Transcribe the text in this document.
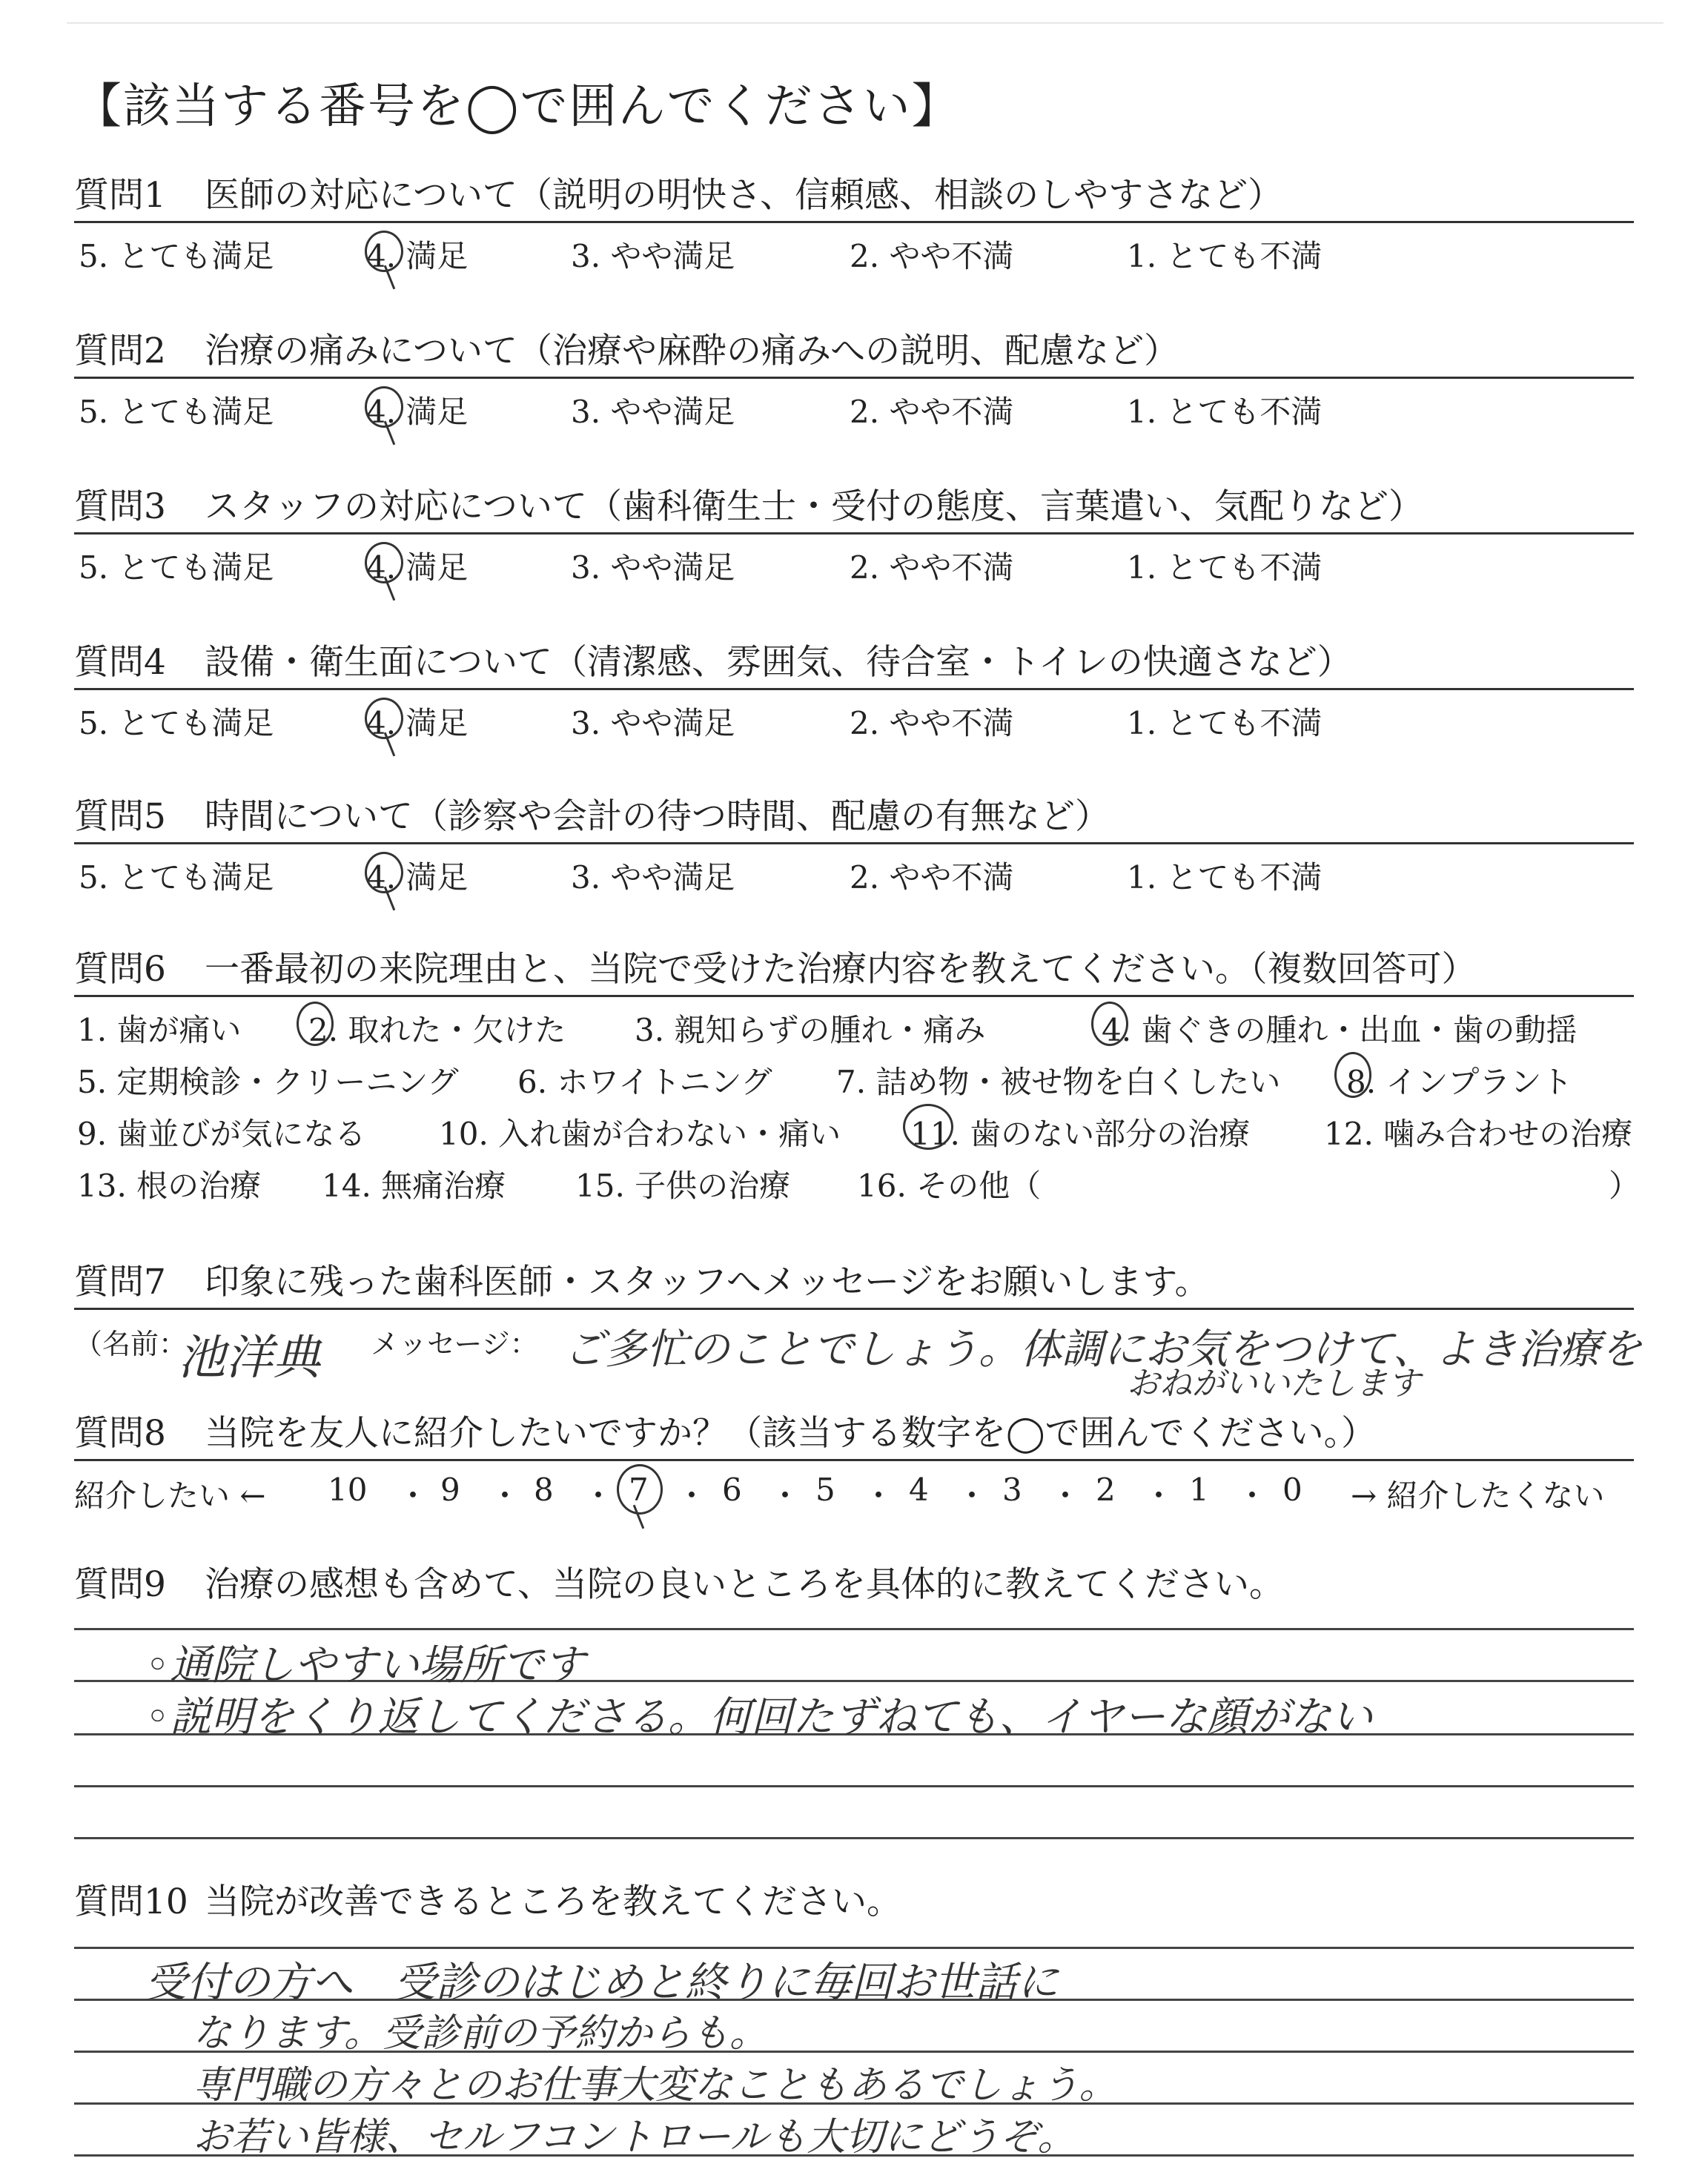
【該当する番号を◯で囲んでください】
質問1 医師の対応について（説明の明快さ、信頼感、相談のしやすさなど）
5. とても満足	4. 満足	3. やや満足	2. やや不満	1. とても不満
質問2 治療の痛みについて（治療や麻酔の痛みへの説明、配慮など）
5. とても満足	4. 満足	3. やや満足	2. やや不満	1. とても不満
質問3 スタッフの対応について（歯科衛生士・受付の態度、言葉遣い、気配りなど）
5. とても満足	4. 満足	3. やや満足	2. やや不満	1. とても不満
質問4 設備・衛生面について（清潔感、雰囲気、待合室・トイレの快適さなど）
5. とても満足	4. 満足	3. やや満足	2. やや不満	1. とても不満
質問5 時間について（診察や会計の待つ時間、配慮の有無など）
5. とても満足	4. 満足	3. やや満足	2. やや不満	1. とても不満
質問6 一番最初の来院理由と、当院で受けた治療内容を教えてください。（複数回答可）
1. 歯が痛い 2. 取れた・欠けた 3. 親知らずの腫れ・痛み	4. 歯ぐきの腫れ・出血・歯の動揺
5. 定期検診・クリーニング 6. ホワイトニング 7. 詰め物・被せ物を白くしたい 8. インプラント
9. 歯並びが気になる 10. 入れ歯が合わない・痛い 11. 歯のない部分の治療 12. 噛み合わせの治療
13. 根の治療 14. 無痛治療 15. 子供の治療 16. その他（	）
質問7 印象に残った歯科医師・スタッフへメッセージをお願いします。
（名前：
池洋典 メッセージ： ご多忙のことでしょう。体調にお気をつけて、よき治療を
おねがいいたします
質問8 当院を友人に紹介したいですか？（該当する数字を◯で囲んでください。）
紹介したい ← 10 ・ 9 ・ 8 ・ 7 ・ 6 ・ 5 ・ 4 ・ 3 ・ 2 ・ 1 ・ 0 → 紹介したくない
質問9 治療の感想も含めて、当院の良いところを具体的に教えてください。
◦通院しやすい場所です
◦説明をくり返してくださる。何回たずねても、イヤーな顔がない
質問10 当院が改善できるところを教えてください。
受付の方へ　受診のはじめと終りに毎回お世話に
なります。受診前の予約からも。
専門職の方々とのお仕事大変なこともあるでしょう。
お若い皆様、セルフコントロールも大切にどうぞ。
